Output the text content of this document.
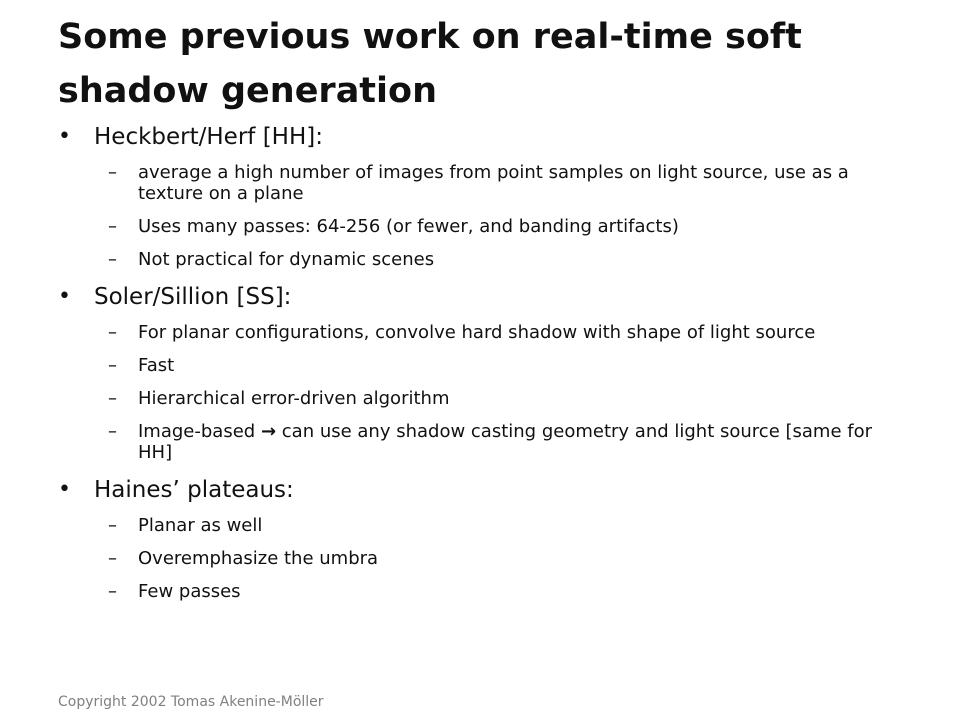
Some previous work on real-time soft shadow generation
•	Heckbert/Herf [HH]:
–	average a high number of images from point samples on light source, use as a texture on a plane
–	Uses many passes: 64-256 (or fewer, and banding artifacts)
–	Not practical for dynamic scenes
•	Soler/Sillion [SS]:
–	For planar configurations, convolve hard shadow with shape of light source
–	Fast
–	Hierarchical error-driven algorithm
–	Image-based → can use any shadow casting geometry and light source [same for HH]
•	Haines’ plateaus:
–	Planar as well
–	Overemphasize the umbra
–	Few passes
Copyright 2002 Tomas Akenine-Möller
